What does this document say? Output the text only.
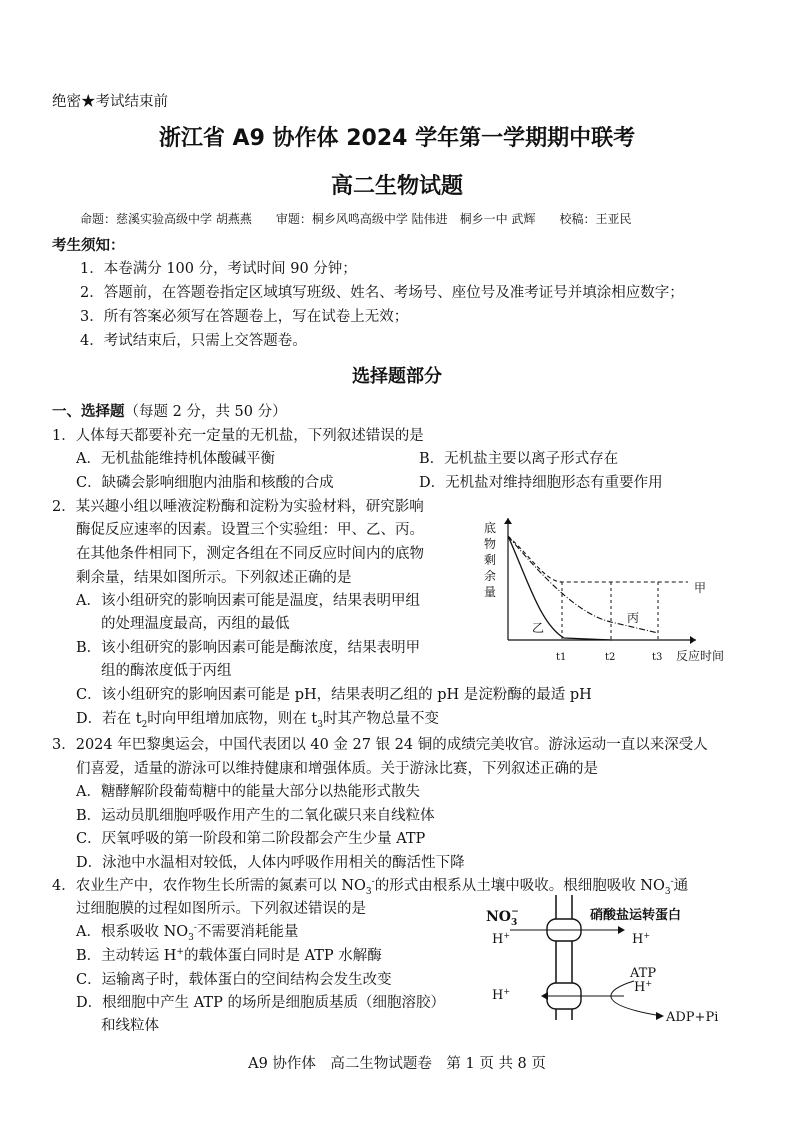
绝密★考试结束前
浙江省 A9 协作体 2024 学年第一学期期中联考
高二生物试题
命题：慈溪实验高级中学 胡燕燕　　审题：桐乡风鸣高级中学 陆伟进　桐乡一中 武辉　　校稿：王亚民
考生须知：
1．本卷满分 100 分，考试时间 90 分钟；
2．答题前，在答题卷指定区域填写班级、姓名、考场号、座位号及准考证号并填涂相应数字；
3．所有答案必须写在答题卷上，写在试卷上无效；
4．考试结束后，只需上交答题卷。
选择题部分
一、选择题（每题 2 分，共 50 分）
1．人体每天都要补充一定量的无机盐，下列叙述错误的是
A．无机盐能维持机体酸碱平衡	B．无机盐主要以离子形式存在
C．缺磷会影响细胞内油脂和核酸的合成	D．无机盐对维持细胞形态有重要作用
2．某兴趣小组以唾液淀粉酶和淀粉为实验材料，研究影响
酶促反应速率的因素。设置三个实验组：甲、乙、丙。
在其他条件相同下，测定各组在不同反应时间内的底物
剩余量，结果如图所示。下列叙述正确的是
A．该小组研究的影响因素可能是温度，结果表明甲组
的处理温度最高，丙组的最低
B．该小组研究的影响因素可能是酶浓度，结果表明甲
组的酶浓度低于丙组
C．该小组研究的影响因素可能是 pH，结果表明乙组的 pH 是淀粉酶的最适 pH
D．若在 $t_2$时向甲组增加底物，则在 $t_3$时其产物总量不变
底
物
剩
余
量	甲
乙
丙
t1	t2	t3 反应时间
3．2024 年巴黎奥运会，中国代表团以 40 金 27 银 24 铜的成绩完美收官。游泳运动一直以来深受人
们喜爱，适量的游泳可以维持健康和增强体质。关于游泳比赛，下列叙述正确的是
A．糖酵解阶段葡萄糖中的能量大部分以热能形式散失
B．运动员肌细胞呼吸作用产生的二氧化碳只来自线粒体
C．厌氧呼吸的第一阶段和第二阶段都会产生少量 ATP
D．泳池中水温相对较低，人体内呼吸作用相关的酶活性下降
4．农业生产中，农作物生长所需的氮素可以 $NO_3^-$的形式由根系从土壤中吸收。根细胞吸收 $NO_3^-$通
过细胞膜的过程如图所示。下列叙述错误的是
A．根系吸收 $NO_3^-$不需要消耗能量
B．主动转运 H+的载体蛋白同时是 ATP 水解酶
C．运输离子时，载体蛋白的空间结构会发生改变
D．根细胞中产生 ATP 的场所是细胞质基质（细胞溶胶）
和线粒体
$NO_3-$
H+	H+
H+	H+
硝酸盐运转蛋白
ATP
ADP+Pi
A9 协作体　高二生物试题卷　第 1 页 共 8 页
